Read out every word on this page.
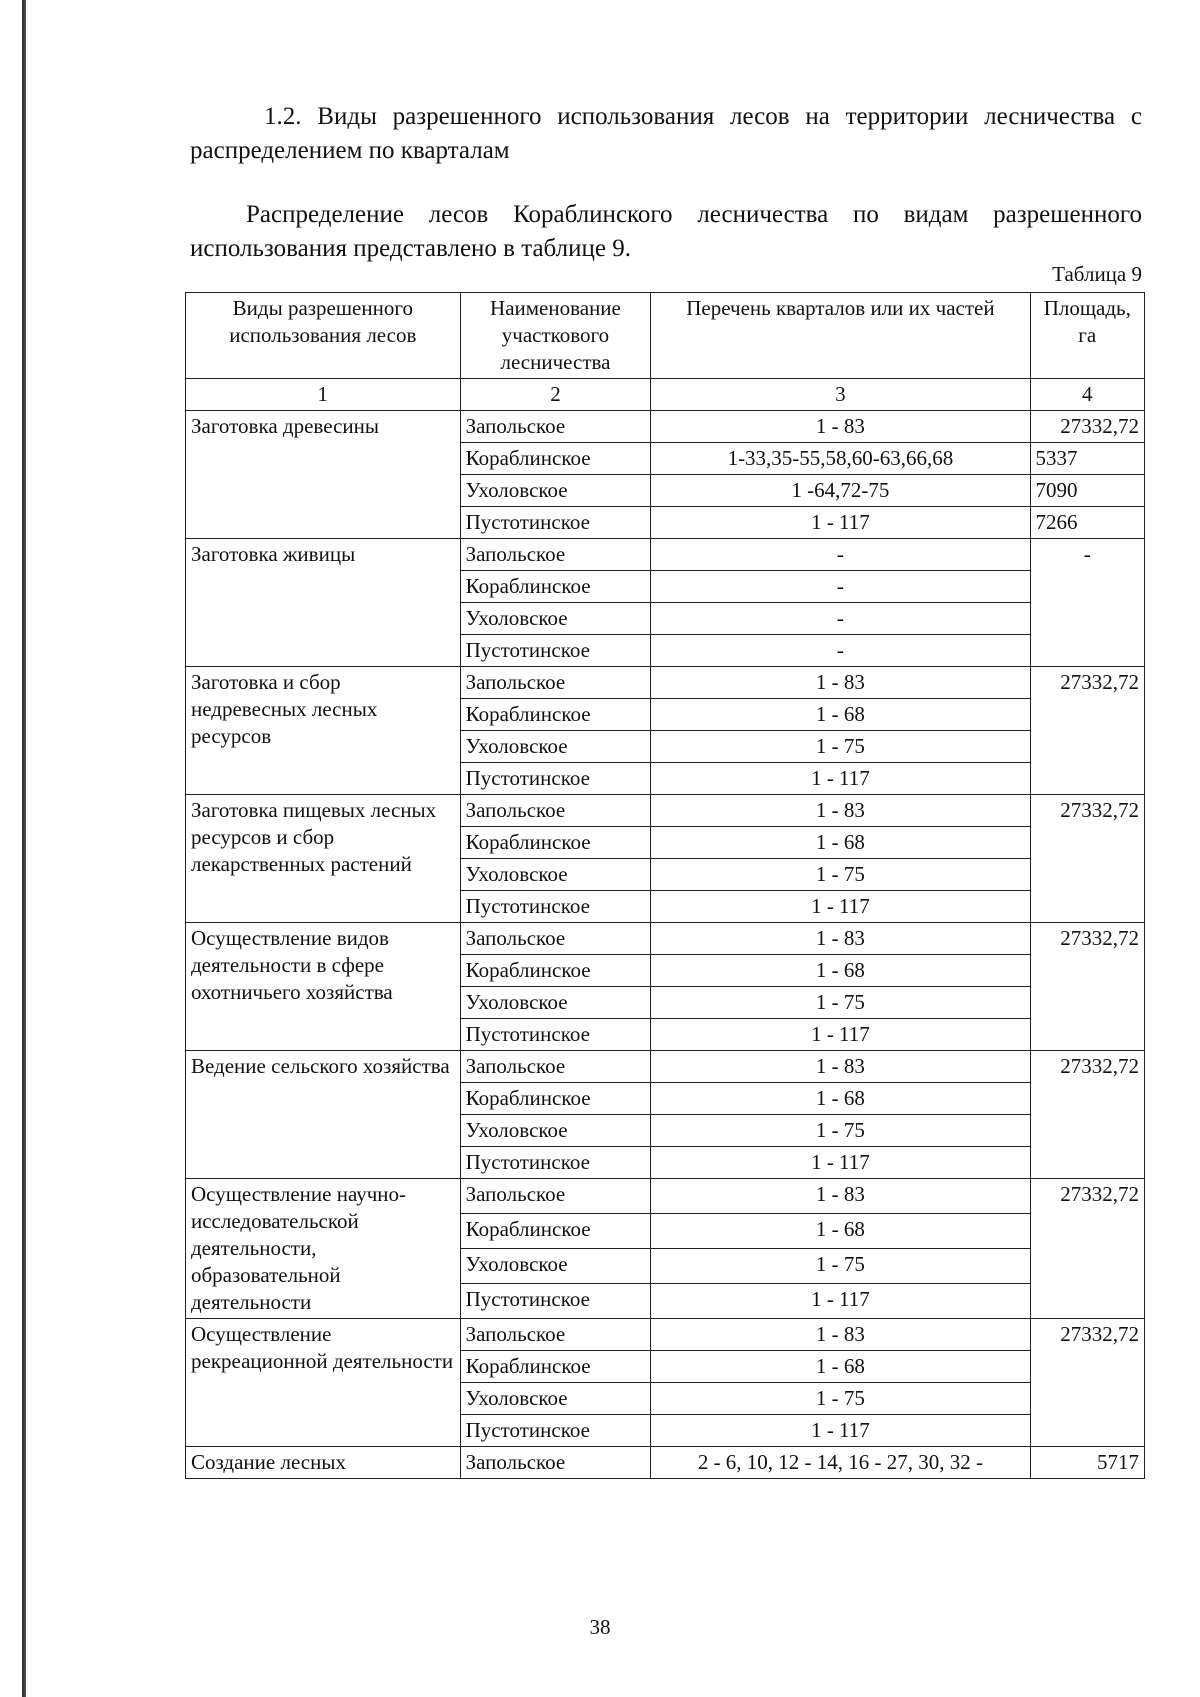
1.2. Виды разрешенного использования лесов на территории лесничества с распределением по кварталам

Распределение лесов Кораблинского лесничества по видам разрешенного использования представлено в таблице 9.

Таблица 9
Виды разрешенного использования лесов	Наименование участкового лесничества	Перечень кварталов или их частей	Площадь, га
1	2	3	4
Заготовка древесины	Запольское	1 - 83	27332,72
	Кораблинское	1-33,35-55,58,60-63,66,68	5337
	Ухоловское	1 -64,72-75	7090
	Пустотинское	1 - 117	7266
Заготовка живицы	Запольское	-	-
	Кораблинское	-	
	Ухоловское	-	
	Пустотинское	-	
Заготовка и сбор недревесных лесных ресурсов	Запольское	1 - 83	27332,72
	Кораблинское	1 - 68	
	Ухоловское	1 - 75	
	Пустотинское	1 - 117	
Заготовка пищевых лесных ресурсов и сбор лекарственных растений	Запольское	1 - 83	27332,72
	Кораблинское	1 - 68	
	Ухоловское	1 - 75	
	Пустотинское	1 - 117	
Осуществление видов деятельности в сфере охотничьего хозяйства	Запольское	1 - 83	27332,72
	Кораблинское	1 - 68	
	Ухоловское	1 - 75	
	Пустотинское	1 - 117	
Ведение сельского хозяйства	Запольское	1 - 83	27332,72
	Кораблинское	1 - 68	
	Ухоловское	1 - 75	
	Пустотинское	1 - 117	
Осуществление научно-исследовательской деятельности, образовательной деятельности	Запольское	1 - 83	27332,72
	Кораблинское	1 - 68	
	Ухоловское	1 - 75	
	Пустотинское	1 - 117	
Осуществление рекреационной деятельности	Запольское	1 - 83	27332,72
	Кораблинское	1 - 68	
	Ухоловское	1 - 75	
	Пустотинское	1 - 117	
Создание лесных	Запольское	2 - 6, 10, 12 - 14, 16 - 27, 30, 32 -	5717
38
